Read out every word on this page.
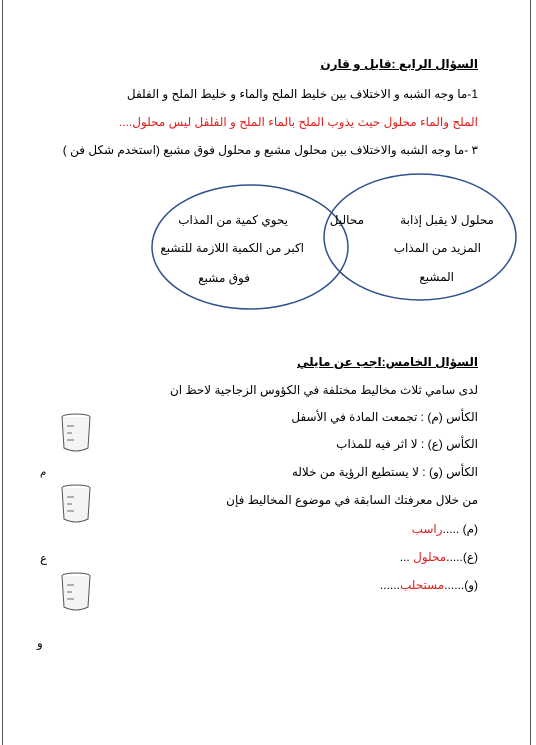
السؤال الرابع :قابل و قارن
1-ما وجه الشبه و الاختلاف بين خليط الملح والماء و خليط الملح و الفلفل
الملح والماء محلول حيث يذوب الملح بالماء الملح و الفلفل ليس محلول....
٣ -ما وجه الشبه والاختلاف بين محلول مشبع و محلول فوق مشبع (استخدم شكل فن )
يحوي كمية من المذاب
اكبر من الكمية اللازمة للتشبع
فوق مشبع
محاليل	محلول لا يقبل إذابة
المزيد من المذاب
المشبع
السؤال الخامس:اجب عن مايلي
لدى سامي ثلاث مخاليط مختلفة في الكؤوس الزجاجية لاحظ ان
الكأس (م) : تجمعت المادة في الأسفل
الكأس (ع) : لا اثر فيه للمذاب
الكأس (و) : لا يستطيع الرؤية من خلاله
من خلال معرفتك السابقة في موضوع المخاليط فإن
(م) .....راسب
(ع).....محلول ...
(و)......مستحلب......
م
ع
و
